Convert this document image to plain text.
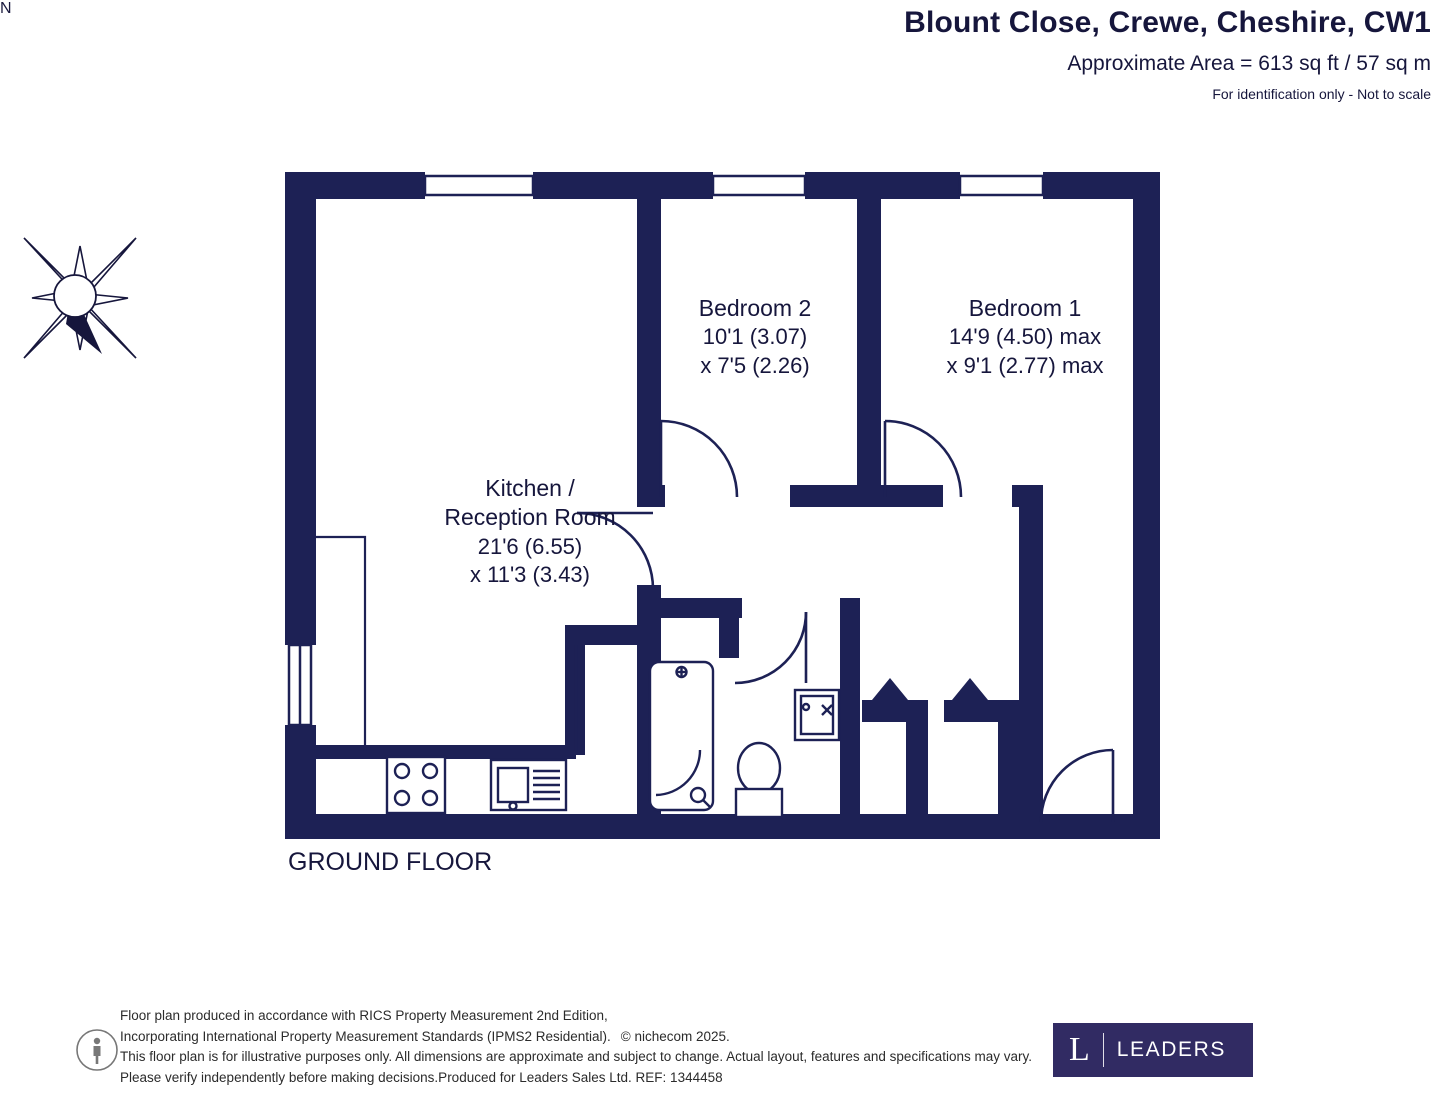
Blount Close, Crewe, Cheshire, CW1
Approximate Area = 613 sq ft / 57 sq m
For identification only - Not to scale
N
Kitchen /
Reception Room
21'6 (6.55)
x 11'3 (3.43)
Bedroom 2
10'1 (3.07)
x 7'5 (2.26)
Bedroom 1
14'9 (4.50) max
x 9'1 (2.77) max
GROUND FLOOR
Floor plan produced in accordance with RICS Property Measurement 2nd Edition,
Incorporating International Property Measurement Standards (IPMS2 Residential). © nichecom 2025.
This floor plan is for illustrative purposes only. All dimensions are approximate and subject to change. Actual layout, features and specifications may vary.
Please verify independently before making decisions.Produced for Leaders Sales Ltd. REF: 1344458
L	LEADERS
